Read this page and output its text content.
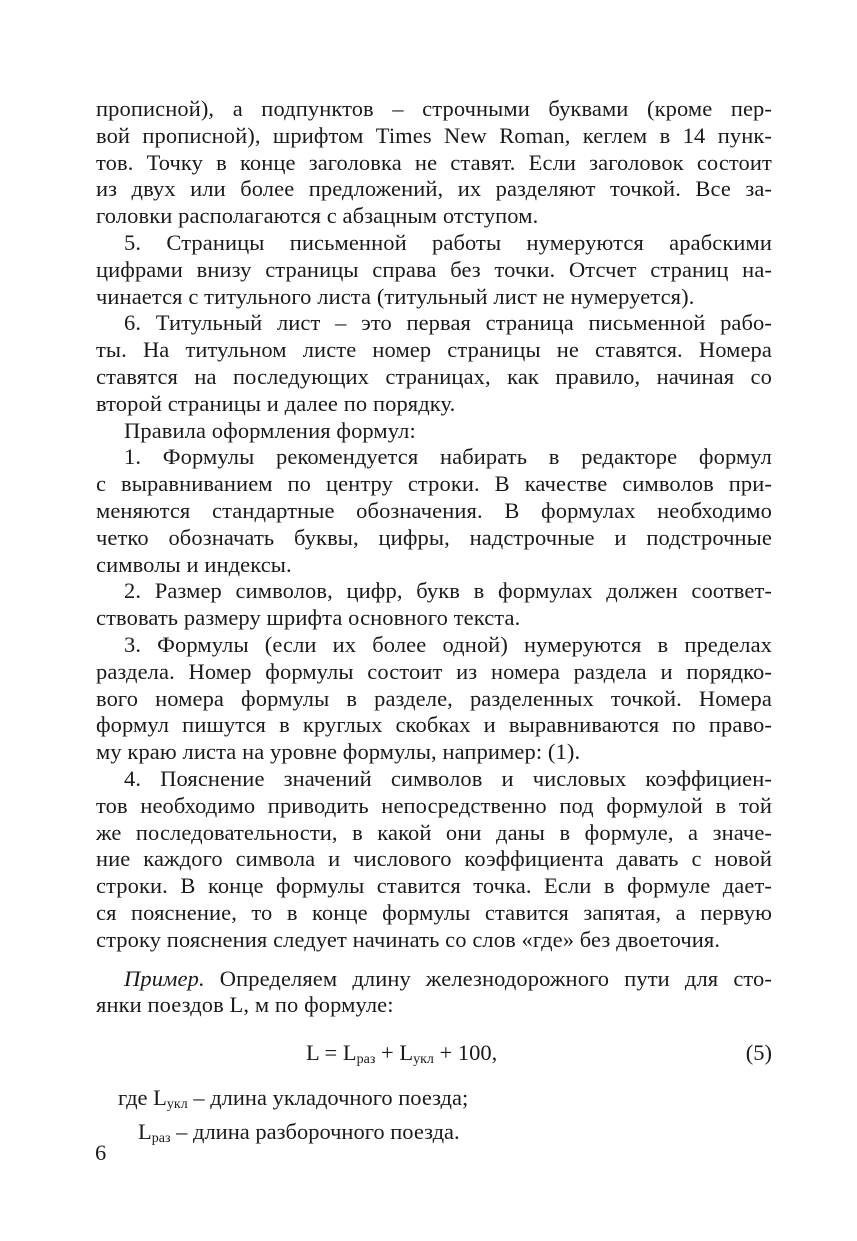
прописной), а подпунктов – строчными буквами (кроме пер-

вой прописной), шрифтом Times New Roman, кеглем в 14 пунк-

тов. Точку в конце заголовка не ставят. Если заголовок состоит

из двух или более предложений, их разделяют точкой. Все за-

головки располагаются с абзацным отступом.

5. Страницы письменной работы нумеруются арабскими

цифрами внизу страницы справа без точки. Отсчет страниц на-

чинается с титульного листа (титульный лист не нумеруется).

6. Титульный лист – это первая страница письменной рабо-

ты. На титульном листе номер страницы не ставятся. Номера

ставятся на последующих страницах, как правило, начиная со

второй страницы и далее по порядку.

Правила оформления формул:

1. Формулы рекомендуется набирать в редакторе формул

с выравниванием по центру строки. В качестве символов при-

меняются стандартные обозначения. В формулах необходимо

четко обозначать буквы, цифры, надстрочные и подстрочные

символы и индексы.

2. Размер символов, цифр, букв в формулах должен соответ-

ствовать размеру шрифта основного текста.

3. Формулы (если их более одной) нумеруются в пределах

раздела. Номер формулы состоит из номера раздела и порядко-

вого номера формулы в разделе, разделенных точкой. Номера

формул пишутся в круглых скобках и выравниваются по право-

му краю листа на уровне формулы, например: (1).

4. Пояснение значений символов и числовых коэффициен-

тов необходимо приводить непосредственно под формулой в той

же последовательности, в какой они даны в формуле, а значе-

ние каждого символа и числового коэффициента давать с новой

строки. В конце формулы ставится точка. Если в формуле дает-

ся пояснение, то в конце формулы ставится запятая, а первую

строку пояснения следует начинать со слов «где» без двоеточия.

Пример. Определяем длину железнодорожного пути для сто-

янки поездов L, м по формуле:

$L = L_{раз} + L_{укл} + 100$,	(5)
где $L_{укл}$ – длина укладочного поезда;
$L_{раз}$ – длина разборочного поезда.
6
